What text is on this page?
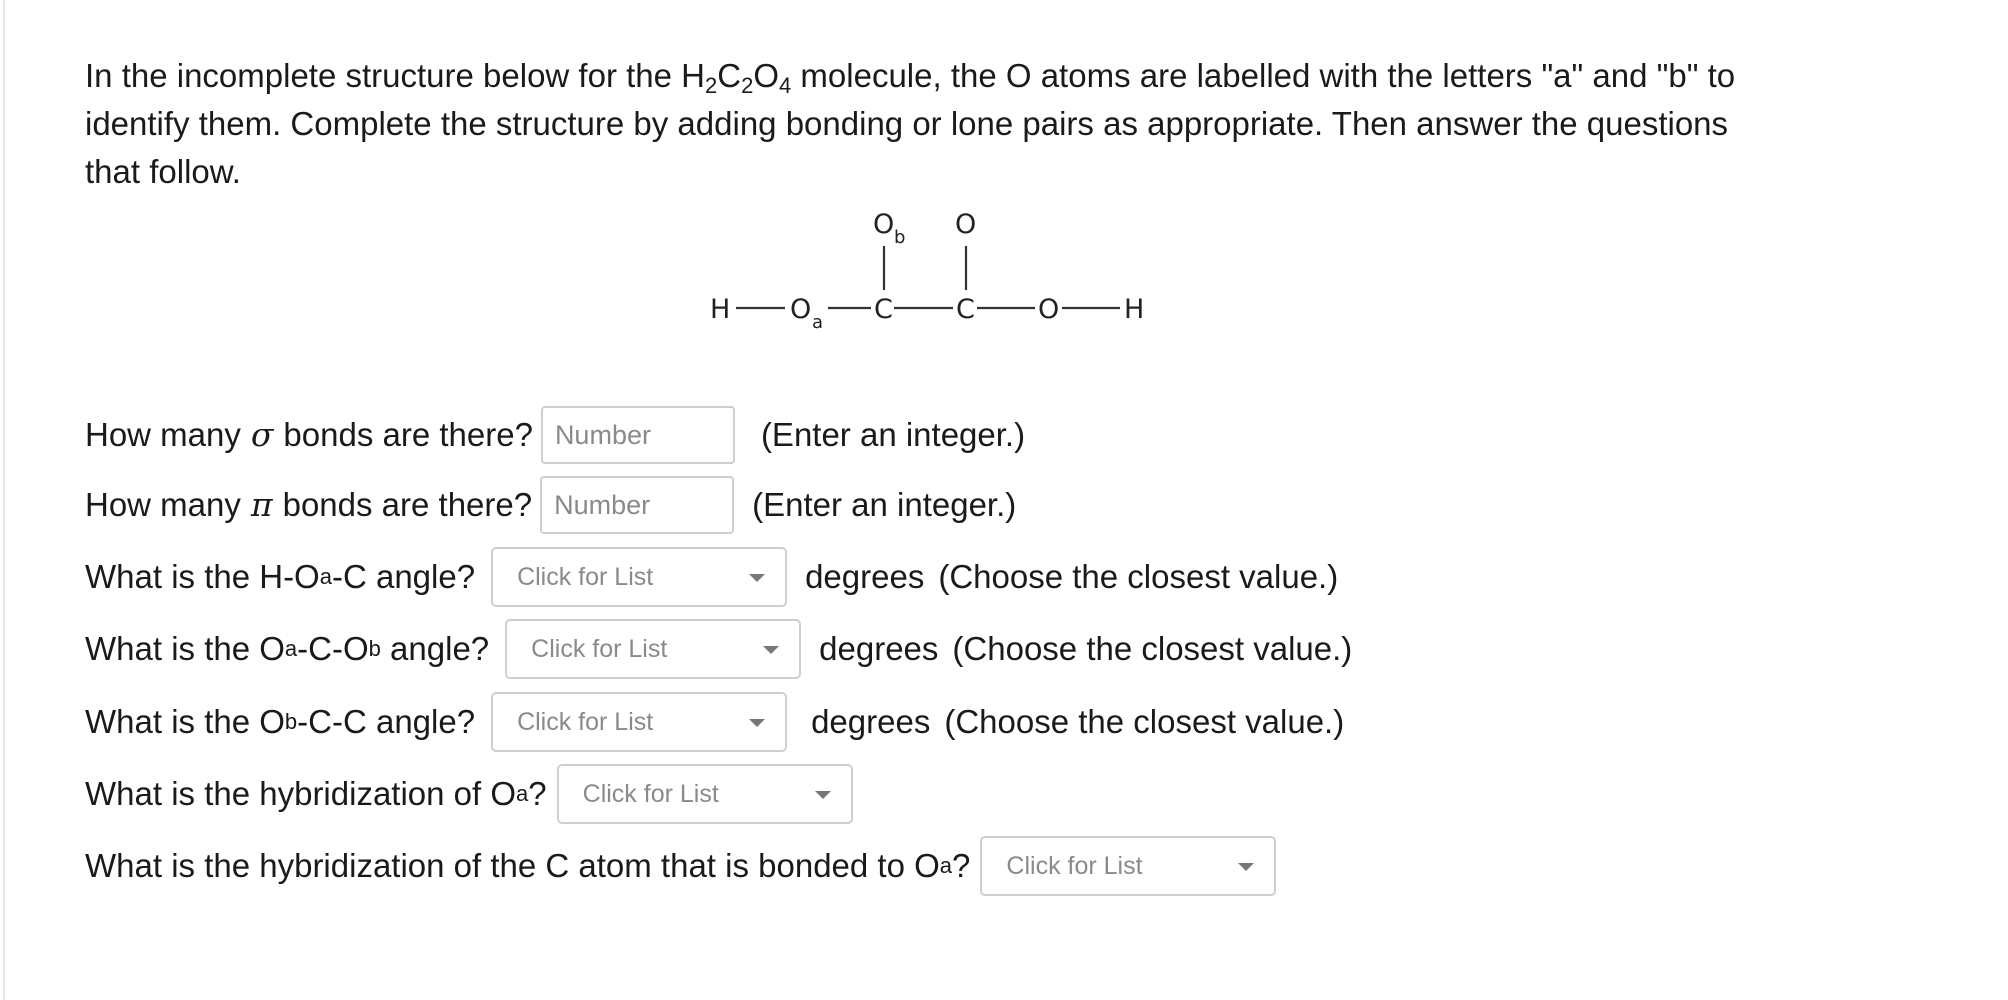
In the incomplete structure below for the $H_2C_2O_4$ molecule, the O atoms are labelled with the letters "a" and "b" to identify them. Complete the structure by adding bonding or lone pairs as appropriate. Then answer the questions that follow.

H O a C C O H
O b O
How many σ bonds are there?
Number	(Enter an integer.)
How many π bonds are there?
Number	(Enter an integer.)
What is the H-O a -C angle? Click for List	degrees (Choose the closest value.)
What is the O a -C-O b angle? Click for List	degrees (Choose the closest value.)
What is the O b -C-C angle? Click for List	degrees (Choose the closest value.)
What is the hybridization of O a ? Click for List
What is the hybridization of the C atom that is bonded to O a ? Click for List
